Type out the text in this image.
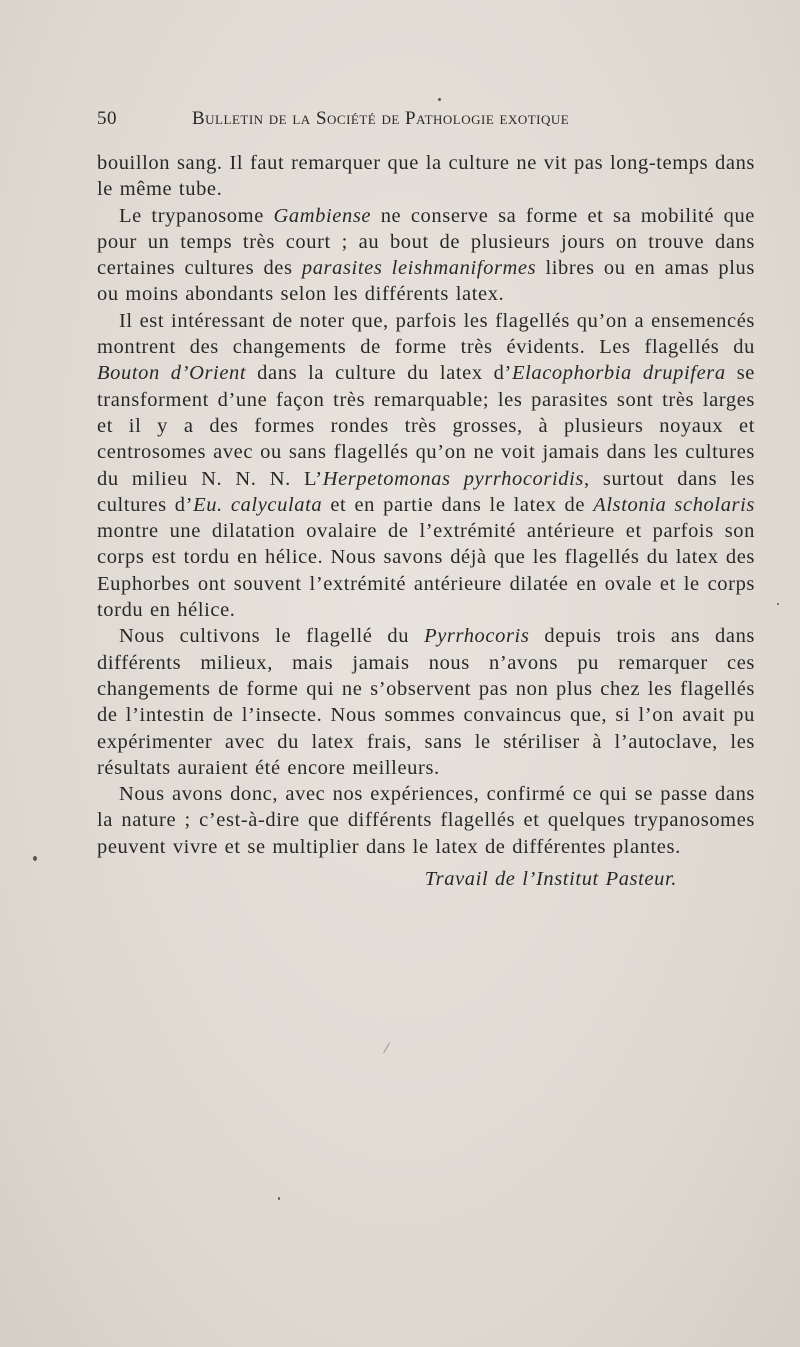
50	Bulletin de la Société de Pathologie exotique

bouillon sang. Il faut remarquer que la culture ne vit pas long-temps dans le même tube.

Le trypanosome Gambiense ne conserve sa forme et sa mobilité que pour un temps très court ; au bout de plusieurs jours on trouve dans certaines cultures des parasites leishmaniformes libres ou en amas plus ou moins abondants selon les différents latex.

Il est intéressant de noter que, parfois les flagellés qu’on a ensemencés montrent des changements de forme très évidents. Les flagellés du Bouton d’Orient dans la culture du latex d’Elacophorbia drupifera se transforment d’une façon très remarquable; les parasites sont très larges et il y a des formes rondes très grosses, à plusieurs noyaux et centrosomes avec ou sans flagellés qu’on ne voit jamais dans les cultures du milieu N. N. N. L’Herpetomonas pyrrhocoridis, surtout dans les cultures d’Eu. calyculata et en partie dans le latex de Alstonia scholaris montre une dilatation ovalaire de l’extrémité antérieure et parfois son corps est tordu en hélice. Nous savons déjà que les flagellés du latex des Euphorbes ont souvent l’extrémité antérieure dilatée en ovale et le corps tordu en hélice.

Nous cultivons le flagellé du Pyrrhocoris depuis trois ans dans différents milieux, mais jamais nous n’avons pu remarquer ces changements de forme qui ne s’observent pas non plus chez les flagellés de l’intestin de l’insecte. Nous sommes convaincus que, si l’on avait pu expérimenter avec du latex frais, sans le stériliser à l’autoclave, les résultats auraient été encore meilleurs.

Nous avons donc, avec nos expériences, confirmé ce qui se passe dans la nature ; c’est-à-dire que différents flagellés et quelques trypanosomes peuvent vivre et se multiplier dans le latex de différentes plantes.

Travail de l’Institut Pasteur.
